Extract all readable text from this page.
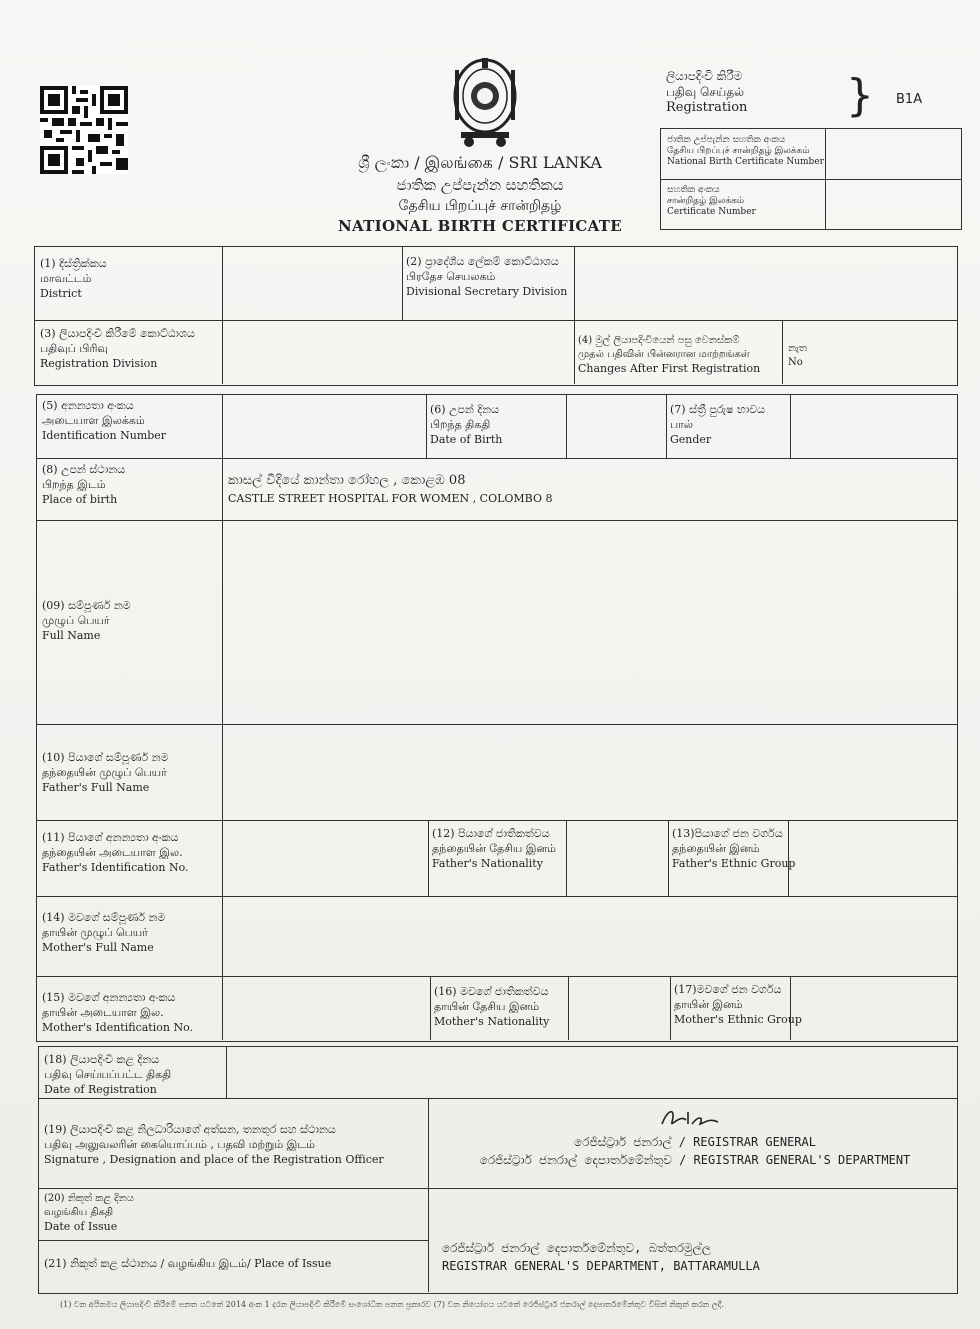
ශ්‍රී ලංකා / இலங்கை / SRI LANKA
ජාතික උප්පැන්න සහතිකය
தேசிய பிறப்புச் சான்றிதழ்
NATIONAL BIRTH CERTIFICATE
ලියාපදිංචි කිරීම
பதிவு செய்தல்
Registration } B1A
ජාතික උප්පැන්න සහතික අංකය
தேசிய பிறப்புச் சான்றிதழ் இலக்கம்
National Birth Certificate Number
සහතික අංකය
சான்றிதழ் இலக்கம்
Certificate Number
(1) දිස්ත්‍රික්කය
மாவட்டம்
District
(2) ප්‍රාදේශීය ලේකම් කොට්ඨාශය
பிரதேச செயலகம்
Divisional Secretary Division
(3) ලියාපදිංචි කිරීමේ කොට්ඨාශය
பதிவுப் பிரிவு
Registration Division
(4) මුල් ලියාපදිංචියෙන් පසු වෙනස්කම්
முதல் பதிவின் பின்னரான மாற்றங்கள்
Changes After First Registration
නැත
No
(5) අනන්‍යතා අංකය
அடையாள இலக்கம்
Identification Number
(6) උපන් දිනය
பிறந்த திகதி
Date of Birth
(7) ස්ත්‍රී පුරුෂ භාවය
பால்
Gender
(8) උපන් ස්ථානය
பிறந்த இடம்
Place of birth
කාසල් වීදියේ කාන්තා රෝහල , කොළඹ 08
CASTLE STREET HOSPITAL FOR WOMEN , COLOMBO 8
(09) සම්පූර්ණ නම
முழுப் பெயர்
Full Name
(10) පියාගේ සම්පූර්ණ නම
தந்தையின் முழுப் பெயர்
Father's Full Name
(11) පියාගේ අනන්‍යතා අංකය
தந்தையின் அடையாள இல.
Father's Identification No.
(12) පියාගේ ජාතිකත්වය
தந்தையின் தேசிய இனம்
Father's Nationality
(13)පියාගේ ජන වර්ගය
தந்தையின் இனம்
Father's Ethnic Group
(14) මවගේ සම්පූර්ණ නම
தாயின் முழுப் பெயர்
Mother's Full Name
(15) මවගේ අනන්‍යතා අංකය
தாயின் அடையாள இல.
Mother's Identification No.
(16) මවගේ ජාතිකත්වය
தாயின் தேசிய இனம்
Mother's Nationality
(17)මවගේ ජන වර්ගය
தாயின் இனம்
Mother's Ethnic Group
(18) ලියාපදිංචි කළ දිනය
பதிவு செய்யப்பட்ட திகதி
Date of Registration
(19) ලියාපදිංචි කළ නිලධාරියාගේ අත්සන, තනතුර සහ ස්ථානය
பதிவு அலுவலரின் கையொப்பம் , பதவி மற்றும் இடம்
Signature , Designation and place of the Registration Officer
(20) නිකුත් කළ දිනය
வழங்கிய திகதி
Date of Issue
(21) නිකුත් කළ ස්ථානය / வழங்கிய இடம்/ Place of Issue
රෙජිස්ට්‍රාර් ජනරාල් / REGISTRAR GENERAL
රෙජිස්ට්‍රාර් ජනරාල් දෙපාර්තමේන්තුව / REGISTRAR GENERAL'S DEPARTMENT
රෙජිස්ට්‍රාර් ජනරාල් දෙපාර්තමේන්තුව, බත්තරමුල්ල
REGISTRAR GENERAL'S DEPARTMENT, BATTARAMULLA
(1) වන අයිතමය ලියාපදිංචි කිරීමේ පනත යටතේ 2014 අංක 1 දරන ලියාපදිංචි කිරීමේ සංශෝධිත පනත ප්‍රකාරව (7) වන නියෝගය යටතේ රෙජිස්ට්‍රාර් ජනරාල් දෙපාර්තමේන්තුව විසින් නිකුත් කරන ලදී.
